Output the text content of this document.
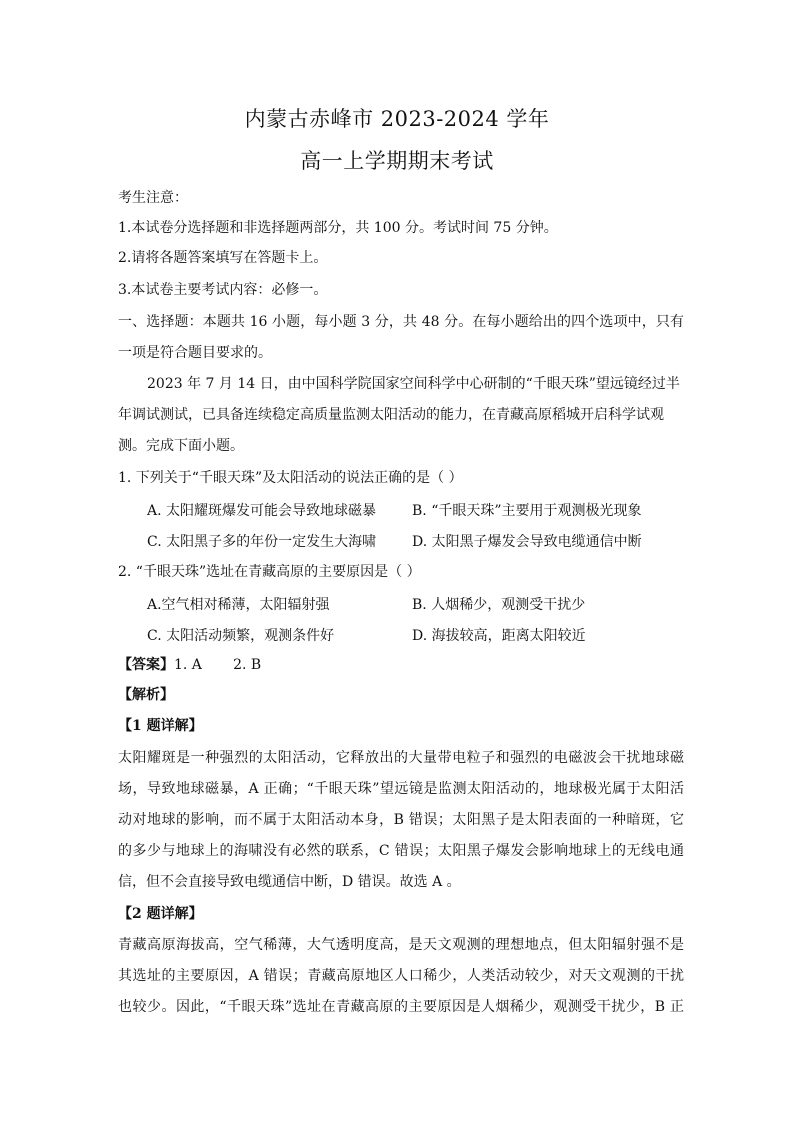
内蒙古赤峰市 2023-2024 学年
高一上学期期末考试
考生注意：
1.本试卷分选择题和非选择题两部分，共 100 分。考试时间 75 分钟。
2.请将各题答案填写在答题卡上。
3.本试卷主要考试内容：必修一。
一、选择题：本题共 16 小题，每小题 3 分，共 48 分。在每小题给出的四个选项中，只有
一项是符合题目要求的。
2023 年 7 月 14 日，由中国科学院国家空间科学中心研制的“千眼天珠”望远镜经过半
年调试测试，已具备连续稳定高质量监测太阳活动的能力，在青藏高原稻城开启科学试观
测。完成下面小题。
1. 下列关于“千眼天珠”及太阳活动的说法正确的是（ ）
A. 太阳耀斑爆发可能会导致地球磁暴	B. “千眼天珠”主要用于观测极光现象
C. 太阳黑子多的年份一定发生大海啸	D. 太阳黑子爆发会导致电缆通信中断
2. “千眼天珠”选址在青藏高原的主要原因是（ ）
A.空气相对稀薄，太阳辐射强	B. 人烟稀少，观测受干扰少
C. 太阳活动频繁，观测条件好	D. 海拔较高，距离太阳较近
【答案】1. A       2. B
【解析】
【1 题详解】
太阳耀斑是一种强烈的太阳活动，它释放出的大量带电粒子和强烈的电磁波会干扰地球磁
场，导致地球磁暴，A 正确；“千眼天珠”望远镜是监测太阳活动的，地球极光属于太阳活
动对地球的影响，而不属于太阳活动本身，B 错误；太阳黑子是太阳表面的一种暗斑，它
的多少与地球上的海啸没有必然的联系，C 错误；太阳黑子爆发会影响地球上的无线电通
信，但不会直接导致电缆通信中断，D 错误。故选 A 。
【2 题详解】
青藏高原海拔高，空气稀薄，大气透明度高，是天文观测的理想地点，但太阳辐射强不是
其选址的主要原因，A 错误；青藏高原地区人口稀少，人类活动较少，对天文观测的干扰
也较少。因此，“千眼天珠”选址在青藏高原的主要原因是人烟稀少，观测受干扰少，B 正
